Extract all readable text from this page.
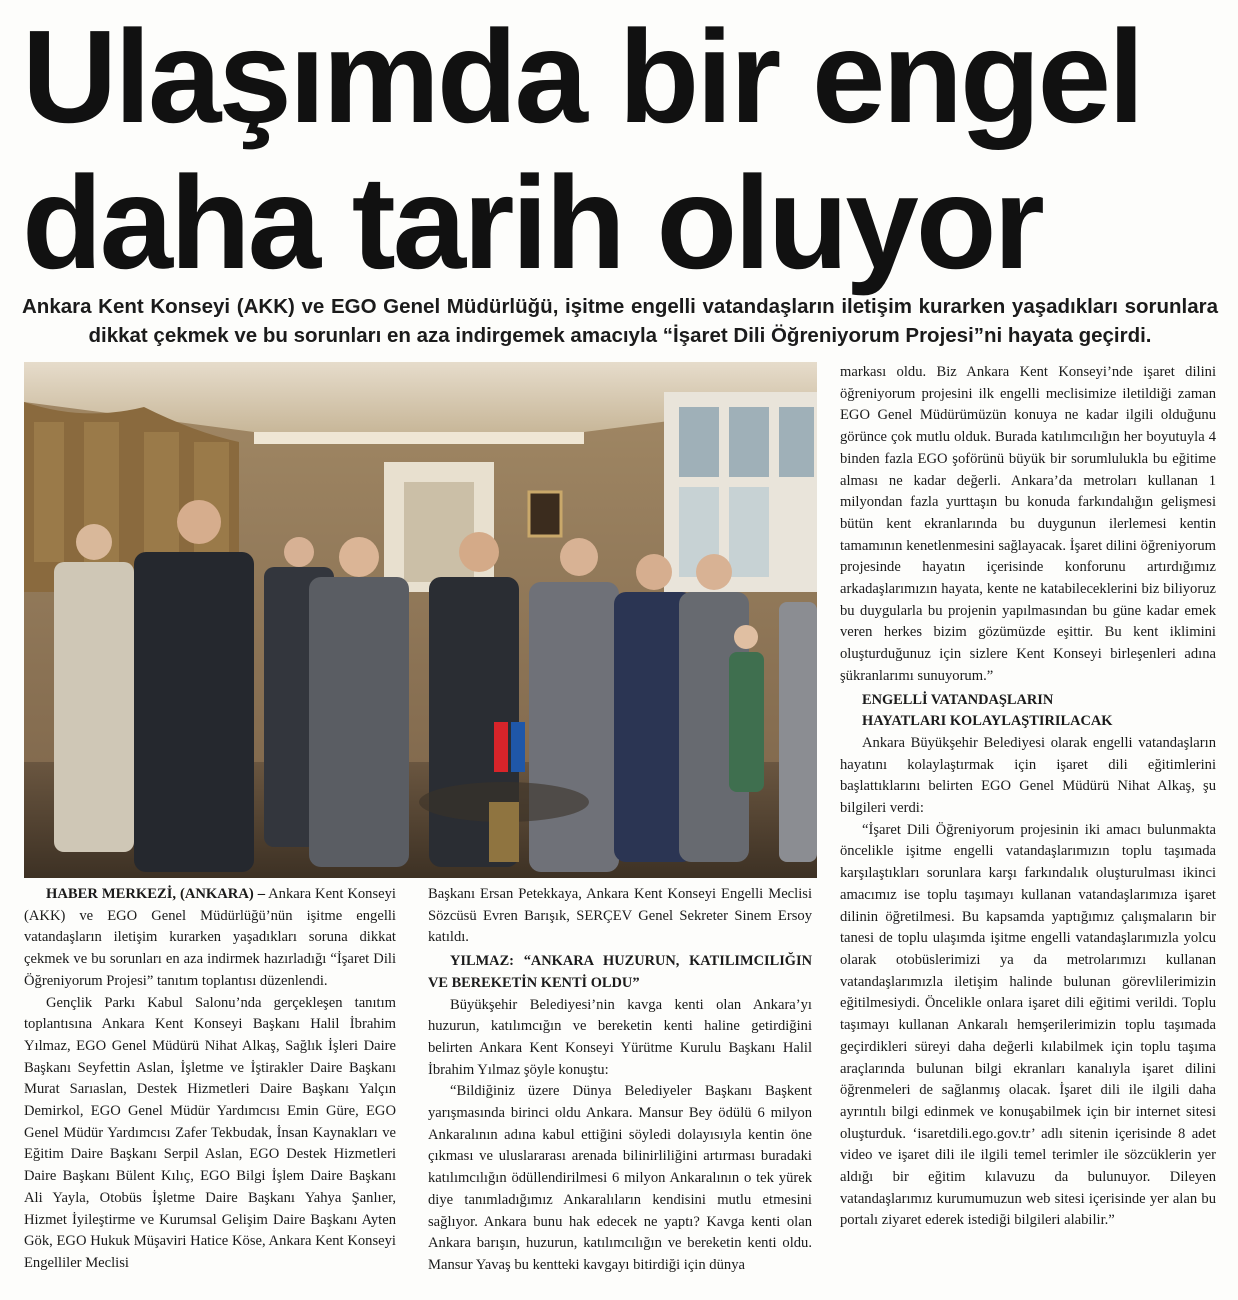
Ulaşımda bir engel
daha tarih oluyor
Ankara Kent Konseyi (AKK) ve EGO Genel Müdürlüğü, işitme engelli vatandaşların iletişim kurarken yaşadıkları sorunlara dikkat çekmek ve bu sorunları en aza indirgemek amacıyla “İşaret Dili Öğreniyorum Projesi”ni hayata geçirdi.

HABER MERKEZİ, (ANKARA) – Ankara Kent Konseyi (AKK) ve EGO Genel Müdürlüğü’nün işitme engelli vatandaşların iletişim kurarken yaşadıkları soruna dikkat çekmek ve bu sorunları en aza indirmek hazırladığı “İşaret Dili Öğreniyorum Projesi” tanıtım toplantısı düzenlendi.

Gençlik Parkı Kabul Salonu’nda gerçekleşen tanıtım toplantısına Ankara Kent Konseyi Başkanı Halil İbrahim Yılmaz, EGO Genel Müdürü Nihat Alkaş, Sağlık İşleri Daire Başkanı Seyfettin Aslan, İşletme ve İştirakler Daire Başkanı Murat Sarıaslan, Destek Hizmetleri Daire Başkanı Yalçın Demirkol, EGO Genel Müdür Yardımcısı Emin Güre, EGO Genel Müdür Yardımcısı Zafer Tekbudak, İnsan Kaynakları ve Eğitim Daire Başkanı Serpil Aslan, EGO Destek Hizmetleri Daire Başkanı Bülent Kılıç, EGO Bilgi İşlem Daire Başkanı Ali Yayla, Otobüs İşletme Daire Başkanı Yahya Şanlıer, Hizmet İyileştirme ve Kurumsal Gelişim Daire Başkanı Ayten Gök, EGO Hukuk Müşaviri Hatice Köse, Ankara Kent Konseyi Engelliler Meclisi

Başkanı Ersan Petekkaya, Ankara Kent Konseyi Engelli Meclisi Sözcüsü Evren Barışık, SERÇEV Genel Sekreter Sinem Ersoy katıldı.

YILMAZ: “ANKARA HUZURUN, KATILIMCILIĞIN VE BEREKETİN KENTİ OLDU”

Büyükşehir Belediyesi’nin kavga kenti olan Ankara’yı huzurun, katılımcığın ve bereketin kenti haline getirdiğini belirten Ankara Kent Konseyi Yürütme Kurulu Başkanı Halil İbrahim Yılmaz şöyle konuştu:

“Bildiğiniz üzere Dünya Belediyeler Başkanı Başkent yarışmasında birinci oldu Ankara. Mansur Bey ödülü 6 milyon Ankaralının adına kabul ettiğini söyledi dolayısıyla kentin öne çıkması ve uluslararası arenada bilinirliliğini artırması buradaki katılımcılığın ödüllendirilmesi 6 milyon Ankaralının o tek yürek diye tanımladığımız Ankaralıların kendisini mutlu etmesini sağlıyor. Ankara bunu hak edecek ne yaptı? Kavga kenti olan Ankara barışın, huzurun, katılımcılığın ve bereketin kenti oldu. Mansur Yavaş bu kentteki kavgayı bitirdiği için dünya

markası oldu. Biz Ankara Kent Konseyi’nde işaret dilini öğreniyorum projesini ilk engelli meclisimize iletildiği zaman EGO Genel Müdürümüzün konuya ne kadar ilgili olduğunu görünce çok mutlu olduk. Burada katılımcılığın her boyutuyla 4 binden fazla EGO şoförünü büyük bir sorumlulukla bu eğitime alması ne kadar değerli. Ankara’da metroları kullanan 1 milyondan fazla yurttaşın bu konuda farkındalığın gelişmesi bütün kent ekranlarında bu duygunun ilerlemesi kentin tamamının kenetlenmesini sağlayacak. İşaret dilini öğreniyorum projesinde hayatın içerisinde konforunu artırdığımız arkadaşlarımızın hayata, kente ne katabileceklerini biz biliyoruz bu duygularla bu projenin yapılmasından bu güne kadar emek veren herkes bizim gözümüzde eşittir. Bu kent iklimini oluşturduğunuz için sizlere Kent Konseyi birleşenleri adına şükranlarımı sunuyorum.”

ENGELLİ VATANDAŞLARIN

HAYATLARI KOLAYLAŞTIRILACAK

Ankara Büyükşehir Belediyesi olarak engelli vatandaşların hayatını kolaylaştırmak için işaret dili eğitimlerini başlattıklarını belirten EGO Genel Müdürü Nihat Alkaş, şu bilgileri verdi:

“İşaret Dili Öğreniyorum projesinin iki amacı bulunmakta öncelikle işitme engelli vatandaşlarımızın toplu taşımada karşılaştıkları sorunlara karşı farkındalık oluşturulması ikinci amacımız ise toplu taşımayı kullanan vatandaşlarımıza işaret dilinin öğretilmesi. Bu kapsamda yaptığımız çalışmaların bir tanesi de toplu ulaşımda işitme engelli vatandaşlarımızla yolcu olarak otobüslerimizi ya da metrolarımızı kullanan vatandaşlarımızla iletişim halinde bulunan görevlilerimizin eğitilmesiydi. Öncelikle onlara işaret dili eğitimi verildi. Toplu taşımayı kullanan Ankaralı hemşerilerimizin toplu taşımada geçirdikleri süreyi daha değerli kılabilmek için toplu taşıma araçlarında bulunan bilgi ekranları kanalıyla işaret dilini öğrenmeleri de sağlanmış olacak. İşaret dili ile ilgili daha ayrıntılı bilgi edinmek ve konuşabilmek için bir internet sitesi oluşturduk. ‘isaretdili.ego.gov.tr’ adlı sitenin içerisinde 8 adet video ve işaret dili ile ilgili temel terimler ile sözcüklerin yer aldığı bir eğitim kılavuzu da bulunuyor. Dileyen vatandaşlarımız kurumumuzun web sitesi içerisinde yer alan bu portalı ziyaret ederek istediği bilgileri alabilir.”
